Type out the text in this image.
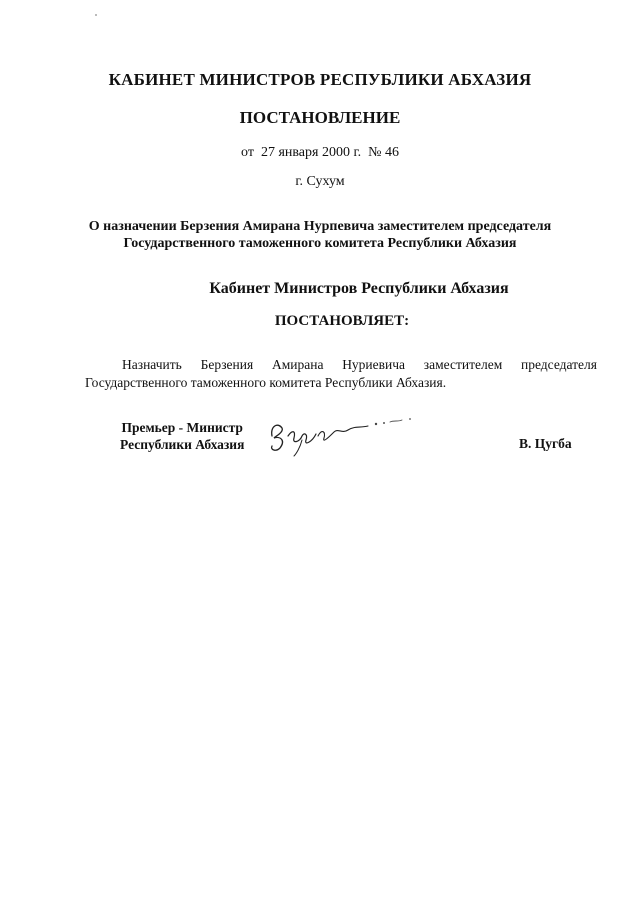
КАБИНЕТ МИНИСТРОВ РЕСПУБЛИКИ АБХАЗИЯ
ПОСТАНОВЛЕНИЕ
от  27 января 2000 г.  № 46
г. Сухум
О назначении Берзения Амирана Нурпевича заместителем председателя
Государственного таможенного комитета Республики Абхазия
Кабинет Министров Республики Абхазия
ПОСТАНОВЛЯЕТ:
Назначить Берзения Амирана Нуриевича заместителем председателя Государственного таможенного комитета Республики Абхазия.
Премьер - Министр
Республики Абхазия	В. Цугба
